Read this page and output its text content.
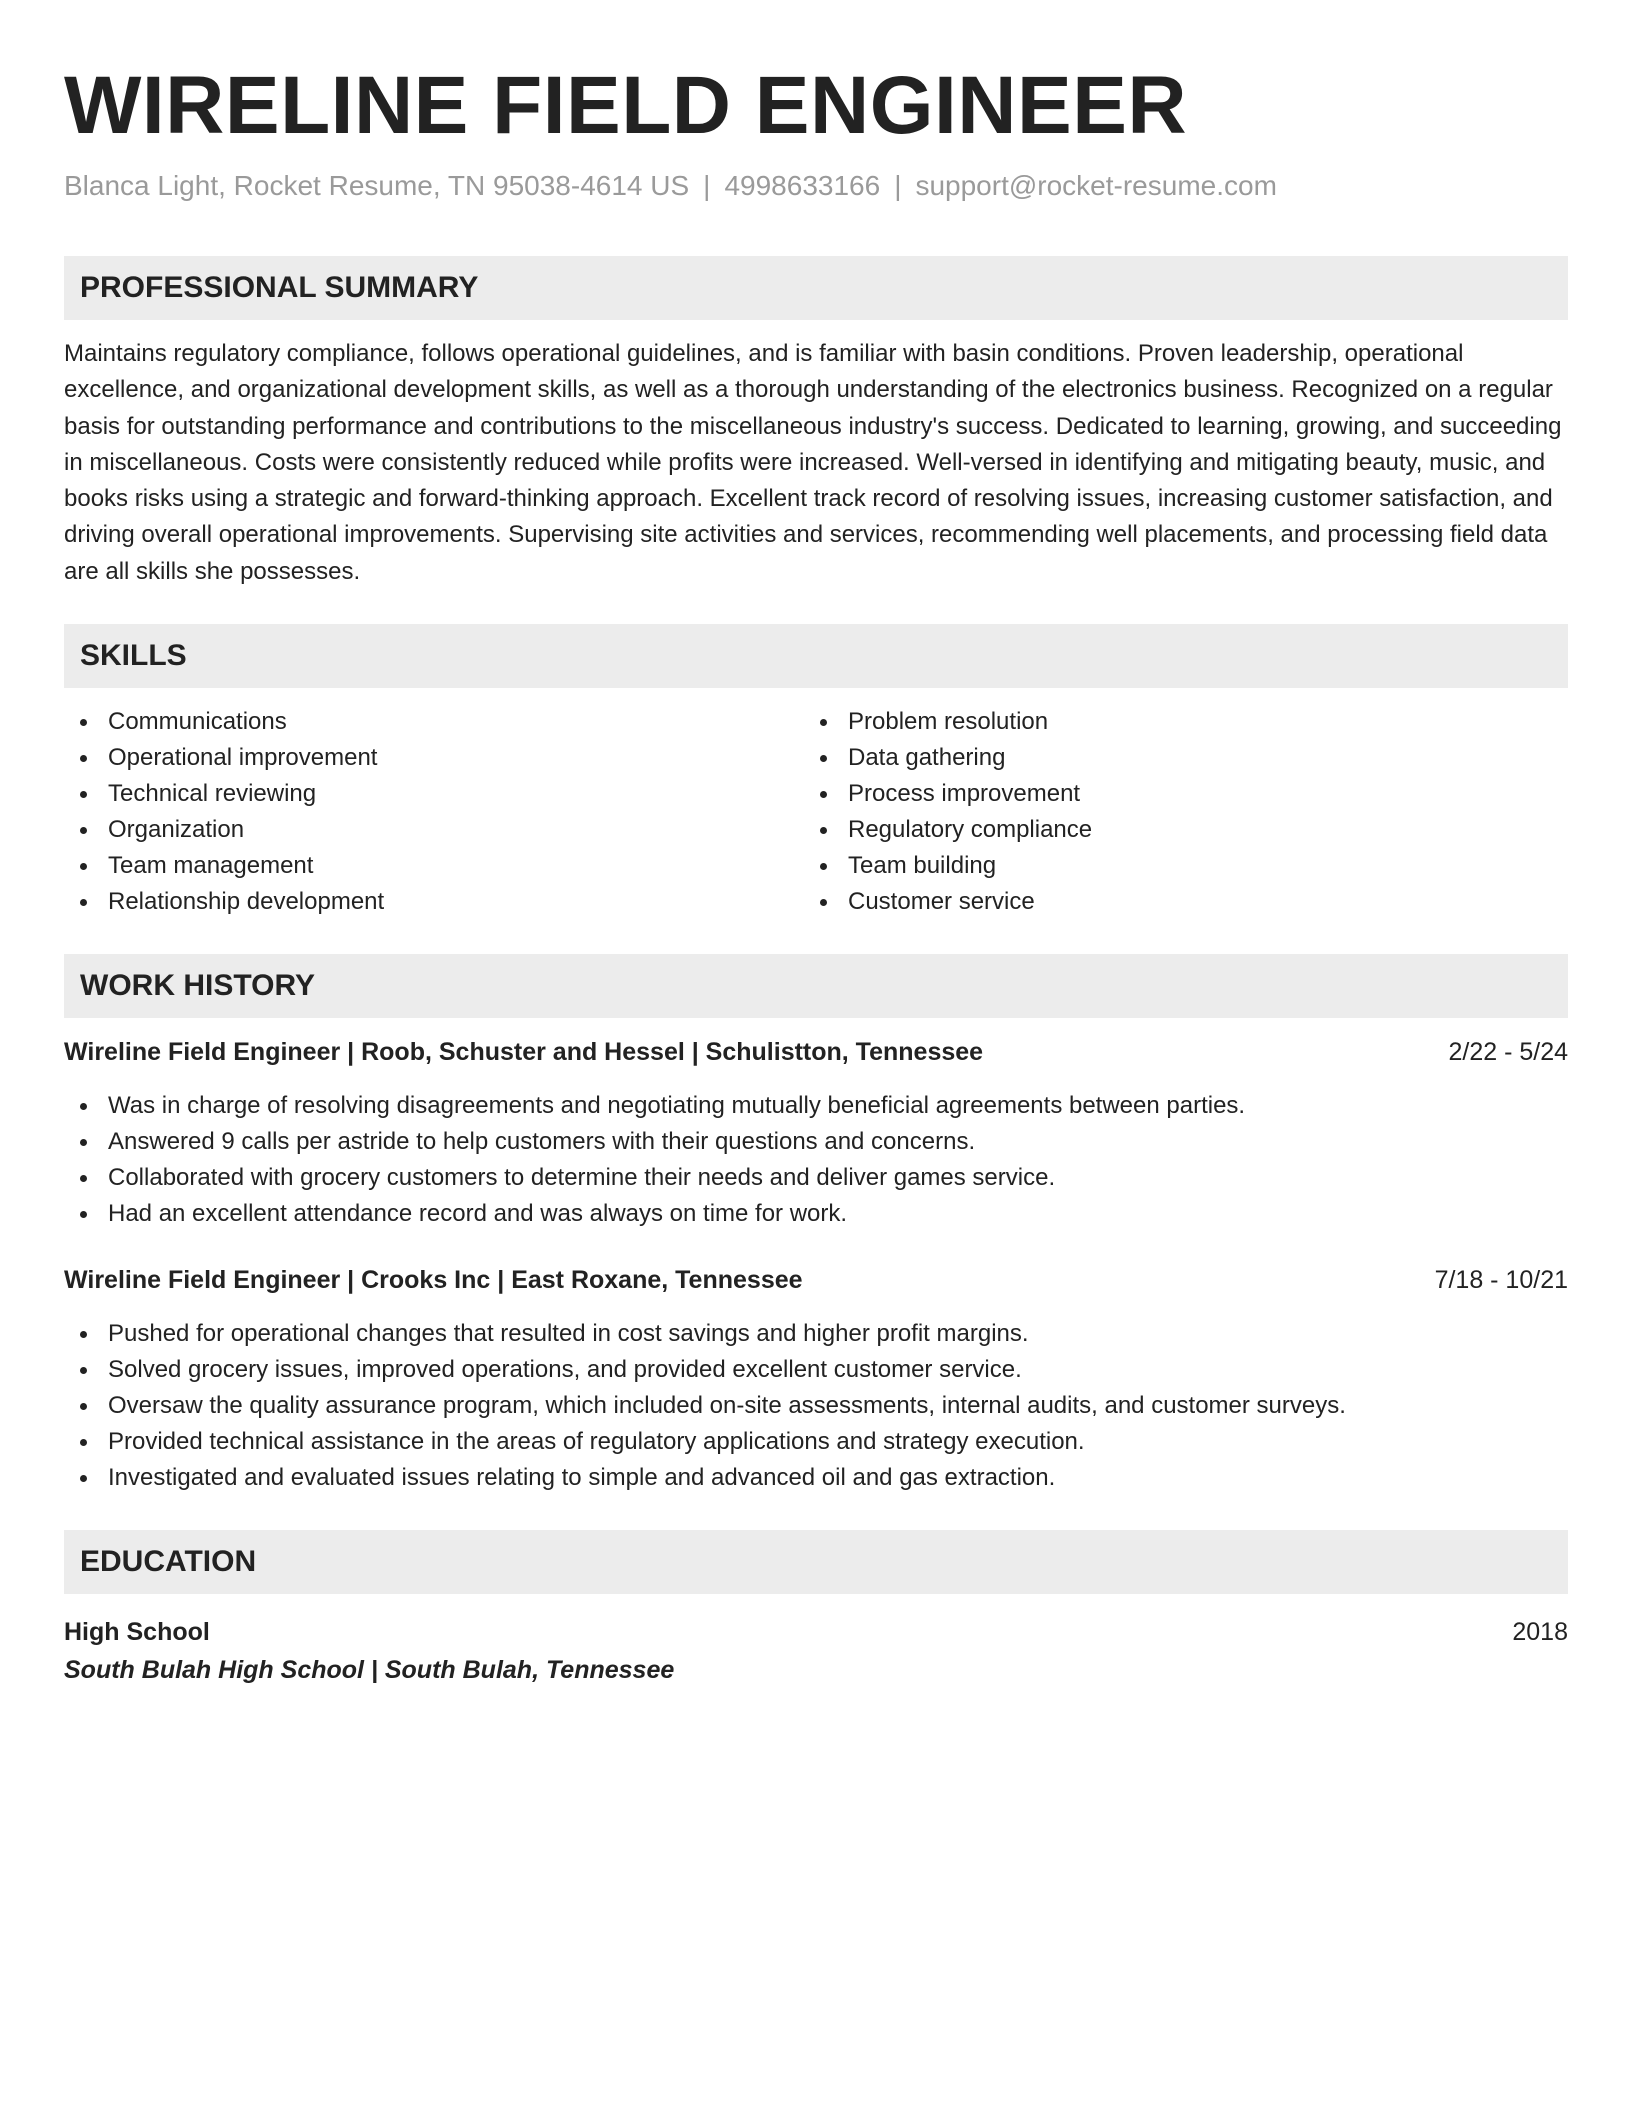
WIRELINE FIELD ENGINEER
Blanca Light, Rocket Resume, TN 95038-4614 US | 4998633166 | support@rocket-resume.com
PROFESSIONAL SUMMARY
Maintains regulatory compliance, follows operational guidelines, and is familiar with basin conditions. Proven leadership, operational excellence, and organizational development skills, as well as a thorough understanding of the electronics business. Recognized on a regular basis for outstanding performance and contributions to the miscellaneous industry's success. Dedicated to learning, growing, and succeeding in miscellaneous. Costs were consistently reduced while profits were increased. Well-versed in identifying and mitigating beauty, music, and books risks using a strategic and forward-thinking approach. Excellent track record of resolving issues, increasing customer satisfaction, and driving overall operational improvements. Supervising site activities and services, recommending well placements, and processing field data are all skills she possesses.
SKILLS
Communications
Operational improvement
Technical reviewing
Organization
Team management
Relationship development
Problem resolution
Data gathering
Process improvement
Regulatory compliance
Team building
Customer service
WORK HISTORY
Wireline Field Engineer | Roob, Schuster and Hessel | Schulistton, Tennessee	2/22 - 5/24
Was in charge of resolving disagreements and negotiating mutually beneficial agreements between parties.
Answered 9 calls per astride to help customers with their questions and concerns.
Collaborated with grocery customers to determine their needs and deliver games service.
Had an excellent attendance record and was always on time for work.
Wireline Field Engineer | Crooks Inc | East Roxane, Tennessee	7/18 - 10/21
Pushed for operational changes that resulted in cost savings and higher profit margins.
Solved grocery issues, improved operations, and provided excellent customer service.
Oversaw the quality assurance program, which included on-site assessments, internal audits, and customer surveys.
Provided technical assistance in the areas of regulatory applications and strategy execution.
Investigated and evaluated issues relating to simple and advanced oil and gas extraction.
EDUCATION
High School	2018
South Bulah High School | South Bulah, Tennessee
